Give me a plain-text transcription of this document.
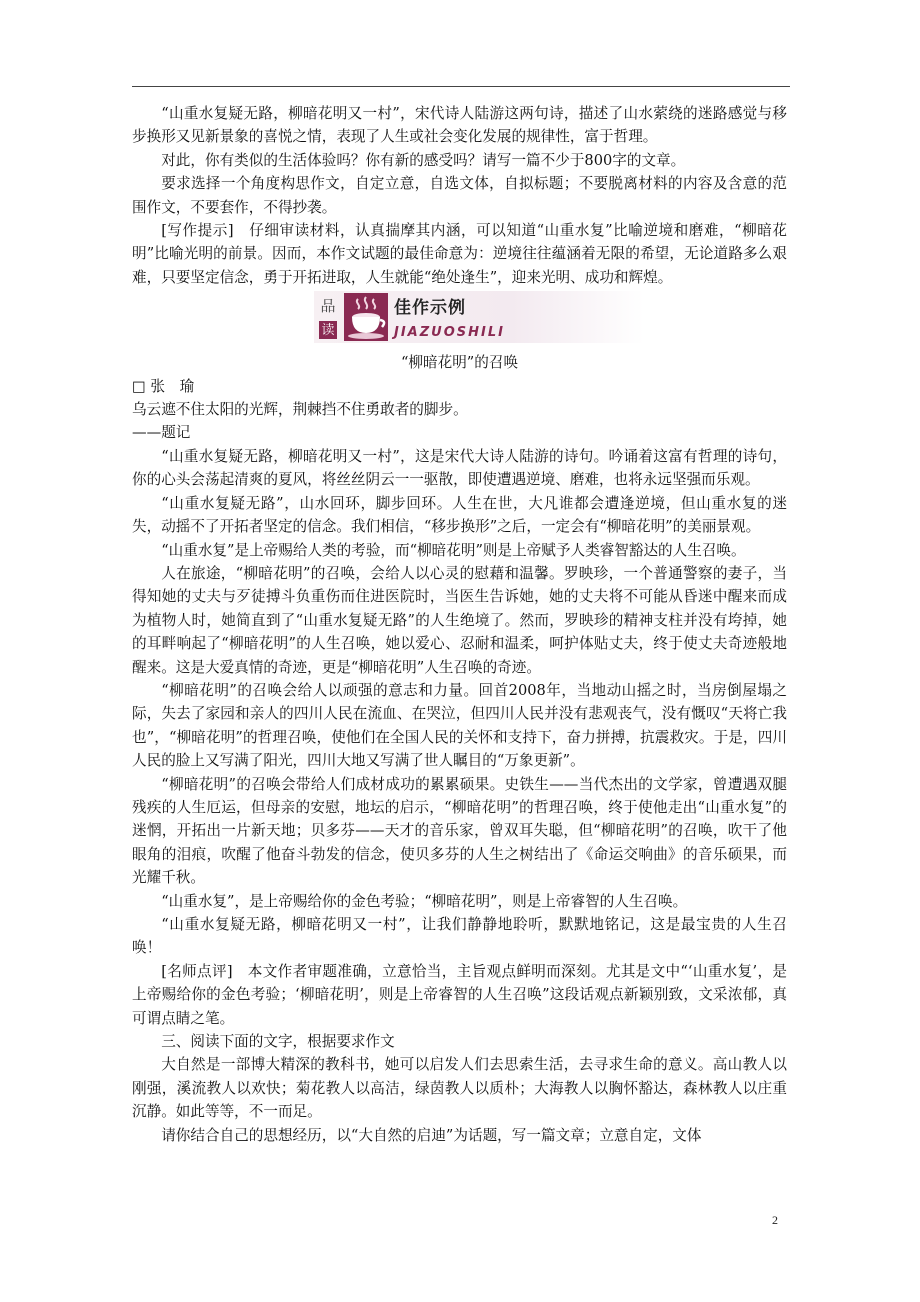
“山重水复疑无路，柳暗花明又一村”，宋代诗人陆游这两句诗，描述了山水萦绕的迷路感觉与移步换形又见新景象的喜悦之情，表现了人生或社会变化发展的规律性，富于哲理。

对此，你有类似的生活体验吗？你有新的感受吗？请写一篇不少于800字的文章。

要求选择一个角度构思作文，自定立意，自选文体，自拟标题；不要脱离材料的内容及含意的范围作文，不要套作，不得抄袭。

[写作提示]　仔细审读材料，认真揣摩其内涵，可以知道“山重水复”比喻逆境和磨难，“柳暗花明”比喻光明的前景。因而，本作文试题的最佳命意为：逆境往往蕴涵着无限的希望，无论道路多么艰难，只要坚定信念，勇于开拓进取，人生就能“绝处逢生”，迎来光明、成功和辉煌。

品
读
佳作示例
JIAZUOSHILI

“柳暗花明”的召唤

□ 张　瑜

乌云遮不住太阳的光辉，荆棘挡不住勇敢者的脚步。

——题记

“山重水复疑无路，柳暗花明又一村”，这是宋代大诗人陆游的诗句。吟诵着这富有哲理的诗句，你的心头会荡起清爽的夏风，将丝丝阴云一一驱散，即使遭遇逆境、磨难，也将永远坚强而乐观。

“山重水复疑无路”，山水回环，脚步回环。人生在世，大凡谁都会遭逢逆境，但山重水复的迷失，动摇不了开拓者坚定的信念。我们相信，“移步换形”之后，一定会有“柳暗花明”的美丽景观。

“山重水复”是上帝赐给人类的考验，而“柳暗花明”则是上帝赋予人类睿智豁达的人生召唤。

人在旅途，“柳暗花明”的召唤，会给人以心灵的慰藉和温馨。罗映珍，一个普通警察的妻子，当得知她的丈夫与歹徒搏斗负重伤而住进医院时，当医生告诉她，她的丈夫将不可能从昏迷中醒来而成为植物人时，她简直到了“山重水复疑无路”的人生绝境了。然而，罗映珍的精神支柱并没有垮掉，她的耳畔响起了“柳暗花明”的人生召唤，她以爱心、忍耐和温柔，呵护体贴丈夫，终于使丈夫奇迹般地醒来。这是大爱真情的奇迹，更是“柳暗花明”人生召唤的奇迹。

“柳暗花明”的召唤会给人以顽强的意志和力量。回首2008年，当地动山摇之时，当房倒屋塌之际，失去了家园和亲人的四川人民在流血、在哭泣，但四川人民并没有悲观丧气，没有慨叹“天将亡我也”，“柳暗花明”的哲理召唤，使他们在全国人民的关怀和支持下，奋力拼搏，抗震救灾。于是，四川人民的脸上又写满了阳光，四川大地又写满了世人瞩目的“万象更新”。

“柳暗花明”的召唤会带给人们成材成功的累累硕果。史铁生——当代杰出的文学家，曾遭遇双腿残疾的人生厄运，但母亲的安慰，地坛的启示，“柳暗花明”的哲理召唤，终于使他走出“山重水复”的迷惘，开拓出一片新天地；贝多芬——天才的音乐家，曾双耳失聪，但“柳暗花明”的召唤，吹干了他眼角的泪痕，吹醒了他奋斗勃发的信念，使贝多芬的人生之树结出了《命运交响曲》的音乐硕果，而光耀千秋。

“山重水复”，是上帝赐给你的金色考验；“柳暗花明”，则是上帝睿智的人生召唤。

“山重水复疑无路，柳暗花明又一村”，让我们静静地聆听，默默地铭记，这是最宝贵的人生召唤！

[名师点评]　本文作者审题准确，立意恰当，主旨观点鲜明而深刻。尤其是文中“‘山重水复’，是上帝赐给你的金色考验；‘柳暗花明’，则是上帝睿智的人生召唤”这段话观点新颖别致，文采浓郁，真可谓点睛之笔。

三、阅读下面的文字，根据要求作文

大自然是一部博大精深的教科书，她可以启发人们去思索生活，去寻求生命的意义。高山教人以刚强，溪流教人以欢快；菊花教人以高洁，绿茵教人以质朴；大海教人以胸怀豁达，森林教人以庄重沉静。如此等等，不一而足。

请你结合自己的思想经历，以“大自然的启迪”为话题，写一篇文章；立意自定，文体

2
